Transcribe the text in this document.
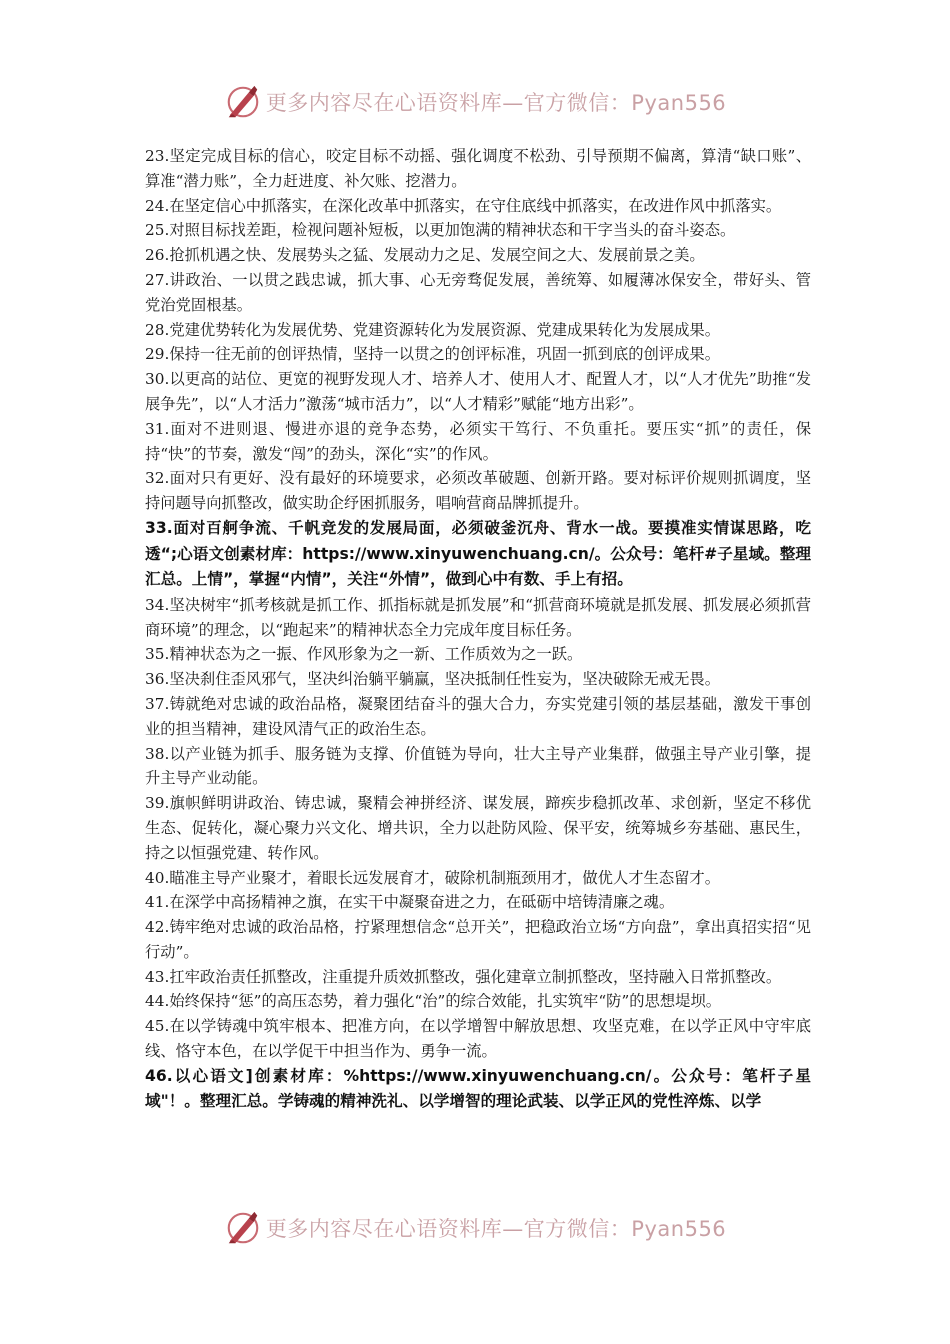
更多内容尽在心语资料库—官方微信：Pyan556

23.坚定完成目标的信心，咬定目标不动摇、强化调度不松劲、引导预期不偏离，算清“缺口账”、算准“潜力账”，全力赶进度、补欠账、挖潜力。

24.在坚定信心中抓落实，在深化改革中抓落实，在守住底线中抓落实，在改进作风中抓落实。

25.对照目标找差距，检视问题补短板，以更加饱满的精神状态和干字当头的奋斗姿态。

26.抢抓机遇之快、发展势头之猛、发展动力之足、发展空间之大、发展前景之美。

27.讲政治、一以贯之践忠诚，抓大事、心无旁骛促发展，善统筹、如履薄冰保安全，带好头、管党治党固根基。

28.党建优势转化为发展优势、党建资源转化为发展资源、党建成果转化为发展成果。

29.保持一往无前的创评热情，坚持一以贯之的创评标准，巩固一抓到底的创评成果。

30.以更高的站位、更宽的视野发现人才、培养人才、使用人才、配置人才，以“人才优先”助推“发展争先”，以“人才活力”激荡“城市活力”，以“人才精彩”赋能“地方出彩”。

31.面对不进则退、慢进亦退的竞争态势，必须实干笃行、不负重托。要压实“抓”的责任，保持“快”的节奏，激发“闯”的劲头，深化“实”的作风。

32.面对只有更好、没有最好的环境要求，必须改革破题、创新开路。要对标评价规则抓调度，坚持问题导向抓整改，做实助企纾困抓服务，唱响营商品牌抓提升。

33.面对百舸争流、千帆竞发的发展局面，必须破釜沉舟、背水一战。要摸准实情谋思路，吃透“;心语文创素材库：https://www.xinyuwenchuang.cn/。公众号：笔杆#子星域。整理汇总。上情”，掌握“内情”，关注“外情”，做到心中有数、手上有招。

34.坚决树牢“抓考核就是抓工作、抓指标就是抓发展”和“抓营商环境就是抓发展、抓发展必须抓营商环境”的理念，以“跑起来”的精神状态全力完成年度目标任务。

35.精神状态为之一振、作风形象为之一新、工作质效为之一跃。

36.坚决刹住歪风邪气，坚决纠治躺平躺赢，坚决抵制任性妄为，坚决破除无戒无畏。

37.铸就绝对忠诚的政治品格，凝聚团结奋斗的强大合力，夯实党建引领的基层基础，激发干事创业的担当精神，建设风清气正的政治生态。

38.以产业链为抓手、服务链为支撑、价值链为导向，壮大主导产业集群，做强主导产业引擎，提升主导产业动能。

39.旗帜鲜明讲政治、铸忠诚，聚精会神拼经济、谋发展，蹄疾步稳抓改革、求创新，坚定不移优生态、促转化，凝心聚力兴文化、增共识，全力以赴防风险、保平安，统筹城乡夯基础、惠民生，持之以恒强党建、转作风。

40.瞄准主导产业聚才，着眼长远发展育才，破除机制瓶颈用才，做优人才生态留才。

41.在深学中高扬精神之旗，在实干中凝聚奋进之力，在砥砺中培铸清廉之魂。

42.铸牢绝对忠诚的政治品格，拧紧理想信念“总开关”，把稳政治立场“方向盘”，拿出真招实招“见行动”。

43.扛牢政治责任抓整改，注重提升质效抓整改，强化建章立制抓整改，坚持融入日常抓整改。

44.始终保持“惩”的高压态势，着力强化“治”的综合效能，扎实筑牢“防”的思想堤坝。

45.在以学铸魂中筑牢根本、把准方向，在以学增智中解放思想、攻坚克难，在以学正风中守牢底线、恪守本色，在以学促干中担当作为、勇争一流。

46.以心语文]创素材库：%https://www.xinyuwenchuang.cn/。公众号：笔杆子星域"！。整理汇总。学铸魂的精神洗礼、以学增智的理论武装、以学正风的党性淬炼、以学

更多内容尽在心语资料库—官方微信：Pyan556
